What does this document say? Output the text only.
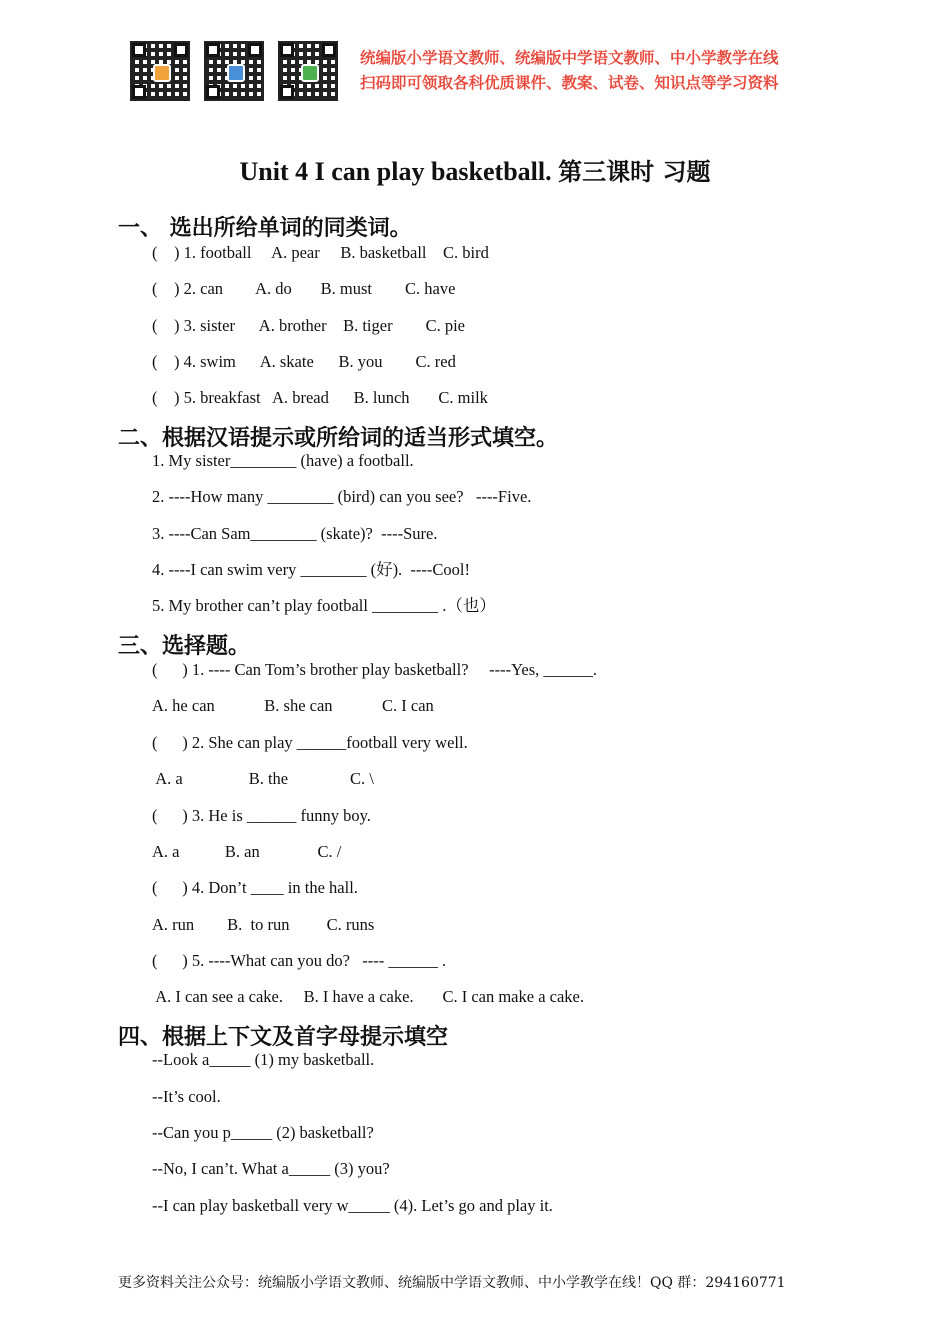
统编版小学语文教师、统编版中学语文教师、中小学教学在线
扫码即可领取各科优质课件、教案、试卷、知识点等学习资料
Unit 4 I can play basketball. 第三课时 习题
一、 选出所给单词的同类词。
(    ) 1. football     A. pear     B. basketball    C. bird
(    ) 2. can        A. do       B. must        C. have
(    ) 3. sister      A. brother    B. tiger        C. pie
(    ) 4. swim      A. skate      B. you        C. red
(    ) 5. breakfast   A. bread      B. lunch       C. milk
二、根据汉语提示或所给词的适当形式填空。
1. My sister________ (have) a football.
2. ----How many ________ (bird) can you see?   ----Five.
3. ----Can Sam________ (skate)?  ----Sure.
4. ----I can swim very ________ (好).  ----Cool!
5. My brother can’t play football ________ .（也）
三、选择题。
(      ) 1. ---- Can Tom’s brother play basketball?     ----Yes, ______.
A. he can            B. she can            C. I can
(      ) 2. She can play ______football very well.
A. a                B. the               C. \
(      ) 3. He is ______ funny boy.
A. a           B. an              C. /
(      ) 4. Don’t ____ in the hall.
A. run        B.  to run         C. runs
(      ) 5. ----What can you do?   ---- ______ .
A. I can see a cake.     B. I have a cake.       C. I can make a cake.
四、根据上下文及首字母提示填空
--Look a_____ (1) my basketball.
--It’s cool.
--Can you p_____ (2) basketball?
--No, I can’t. What a_____ (3) you?
--I can play basketball very w_____ (4). Let’s go and play it.
更多资料关注公众号：统编版小学语文教师、统编版中学语文教师、中小学教学在线！QQ 群：294160771
